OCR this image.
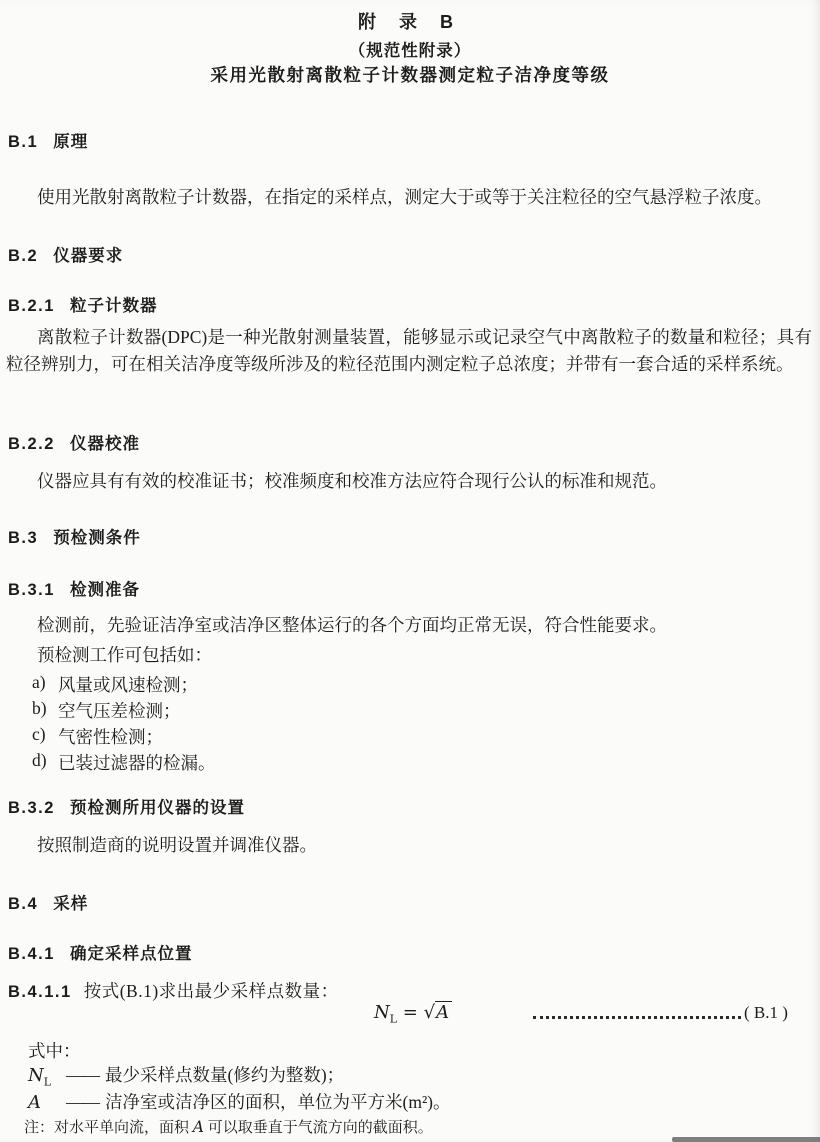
附 录 B
（规范性附录）
采用光散射离散粒子计数器测定粒子洁净度等级
B.1 原理
使用光散射离散粒子计数器，在指定的采样点，测定大于或等于关注粒径的空气悬浮粒子浓度。
B.2 仪器要求
B.2.1 粒子计数器
离散粒子计数器(DPC)是一种光散射测量装置，能够显示或记录空气中离散粒子的数量和粒径；具有粒径辨别力，可在相关洁净度等级所涉及的粒径范围内测定粒子总浓度；并带有一套合适的采样系统。
B.2.2 仪器校准
仪器应具有有效的校准证书；校准频度和校准方法应符合现行公认的标准和规范。
B.3 预检测条件
B.3.1 检测准备
检测前，先验证洁净室或洁净区整体运行的各个方面均正常无误，符合性能要求。
预检测工作可包括如：
a) 风量或风速检测；
b) 空气压差检测；
c) 气密性检测；
d) 已装过滤器的检漏。
B.3.2 预检测所用仪器的设置
按照制造商的说明设置并调准仪器。
B.4 采样
B.4.1 确定采样点位置
B.4.1.1 按式(B.1)求出最少采样点数量：
$N_L = √A$	( B.1 )
式中：
$N_L$ —— 最少采样点数量(修约为整数)；
A	—— 洁净室或洁净区的面积，单位为平方米(m²)。
注：对水平单向流，面积 A 可以取垂直于气流方向的截面积。
